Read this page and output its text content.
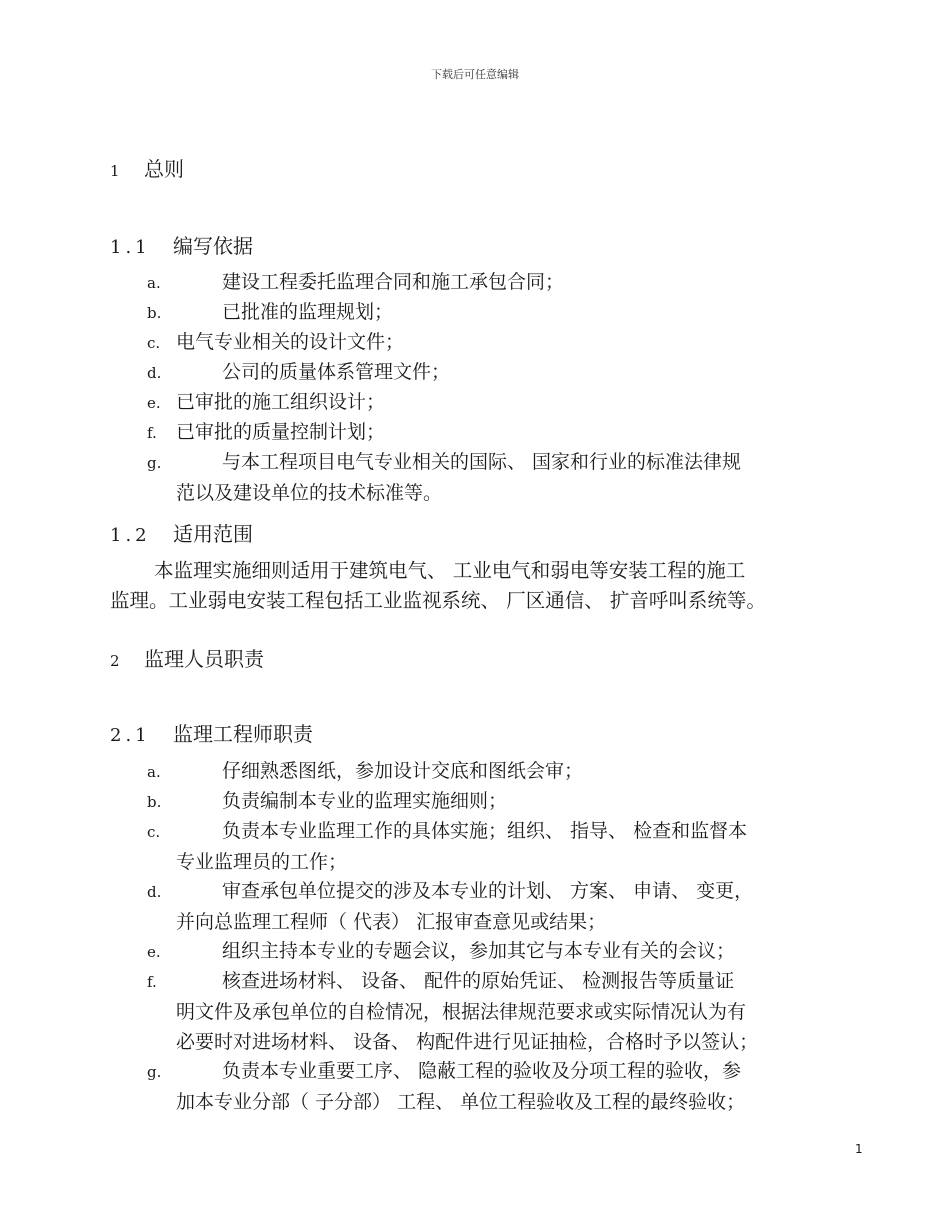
下载后可任意编辑
1 总则
1.1 编写依据
a.	建设工程委托监理合同和施工承包合同；
b.	已批准的监理规划；
c. 电气专业相关的设计文件；
d.	公司的质量体系管理文件；
e. 已审批的施工组织设计；
f. 已审批的质量控制计划；
g.	与本工程项目电气专业相关的国际、 国家和行业的标准法律规
范以及建设单位的技术标准等。
1.2 适用范围
本监理实施细则适用于建筑电气、 工业电气和弱电等安装工程的施工
监理。工业弱电安装工程包括工业监视系统、 厂区通信、 扩音呼叫系统等。
2 监理人员职责
2.1 监理工程师职责
a.	仔细熟悉图纸，参加设计交底和图纸会审；
b.	负责编制本专业的监理实施细则；
c.	负责本专业监理工作的具体实施；组织、 指导、 检查和监督本
专业监理员的工作；
d.	审查承包单位提交的涉及本专业的计划、 方案、 申请、 变更，
并向总监理工程师（ 代表） 汇报审查意见或结果；
e.	组织主持本专业的专题会议，参加其它与本专业有关的会议；
f.	核查进场材料、 设备、 配件的原始凭证、 检测报告等质量证
明文件及承包单位的自检情况，根据法律规范要求或实际情况认为有
必要时对进场材料、 设备、 构配件进行见证抽检，合格时予以签认；
g.	负责本专业重要工序、 隐蔽工程的验收及分项工程的验收，参
加本专业分部（ 子分部） 工程、 单位工程验收及工程的最终验收；
1
